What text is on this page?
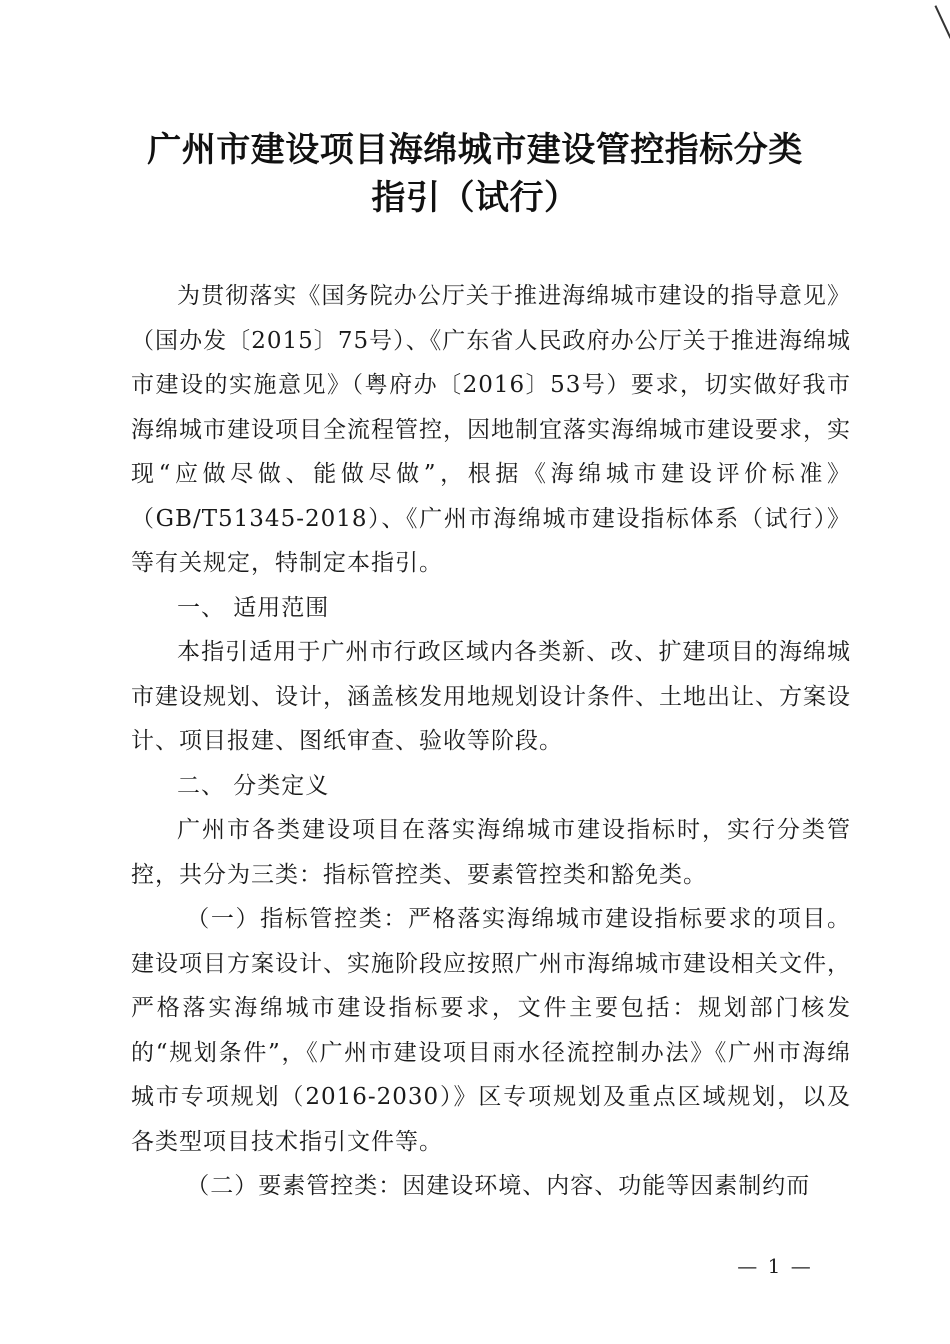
广州市建设项目海绵城市建设管控指标分类
指引（试行）

为贯彻落实《国务院办公厅关于推进海绵城市建设的指导意见》（国办发〔2015〕75号）、《广东省人民政府办公厅关于推进海绵城市建设的实施意见》（粤府办〔2016〕53号）要求，切实做好我市海绵城市建设项目全流程管控，因地制宜落实海绵城市建设要求，实现“应做尽做、能做尽做”，根据《海绵城市建设评价标准》（GB/T51345-2018）、《广州市海绵城市建设指标体系（试行）》等有关规定，特制定本指引。

一、 适用范围

本指引适用于广州市行政区域内各类新、改、扩建项目的海绵城市建设规划、设计，涵盖核发用地规划设计条件、土地出让、方案设计、项目报建、图纸审查、验收等阶段。

二、 分类定义

广州市各类建设项目在落实海绵城市建设指标时，实行分类管控，共分为三类：指标管控类、要素管控类和豁免类。

（一）指标管控类：严格落实海绵城市建设指标要求的项目。建设项目方案设计、实施阶段应按照广州市海绵城市建设相关文件，严格落实海绵城市建设指标要求，文件主要包括：规划部门核发的“规划条件”，《广州市建设项目雨水径流控制办法》《广州市海绵城市专项规划（2016-2030）》区专项规划及重点区域规划，以及各类型项目技术指引文件等。

（二）要素管控类：因建设环境、内容、功能等因素制约而

— 1 —
